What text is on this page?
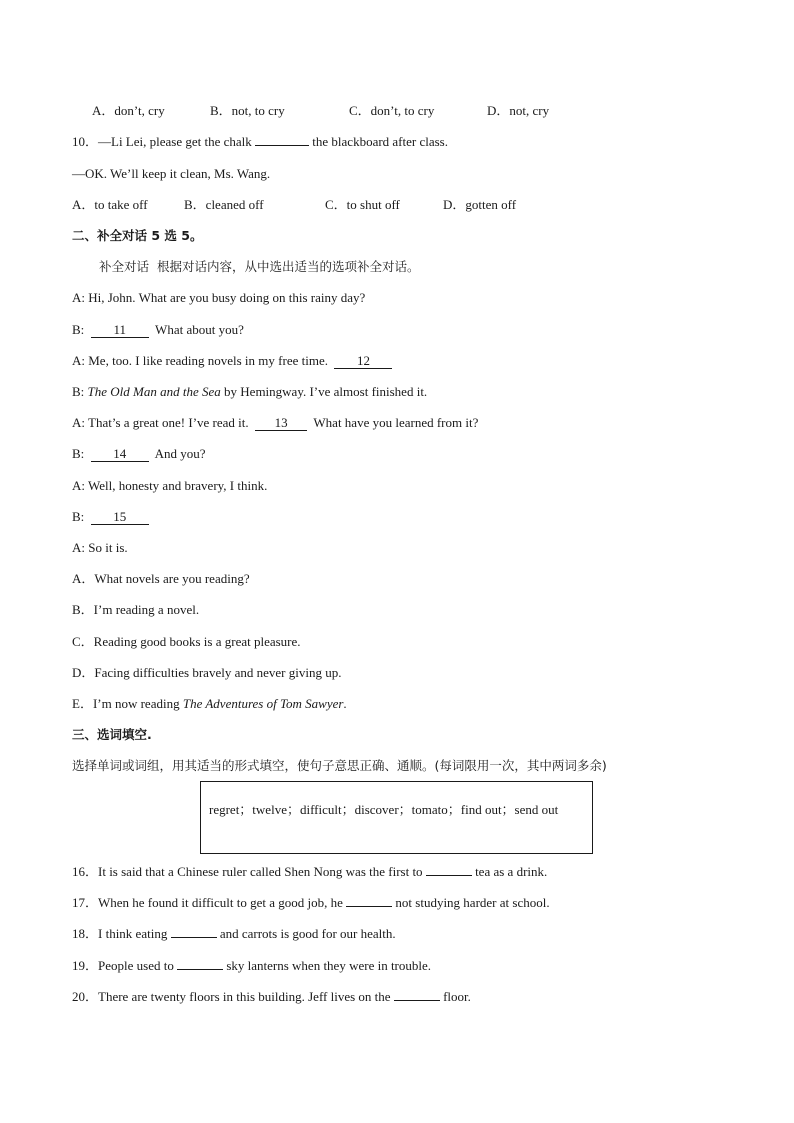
A．don’t, cry	B．not, to cry	C．don’t, to cry	D．not, cry
10．—Li Lei, please get the chalk	the blackboard after class.
—OK. We’ll keep it clean, Ms. Wang.
A．to take off	B．cleaned off	C．to shut off	D．gotten off
二、补全对话 5 选 5。
补全对话  根据对话内容，从中选出适当的选项补全对话。
A: Hi, John. What are you busy doing on this rainy day?
B:  11  What about you?
A: Me, too. I like reading novels in my free time.  12
B: The Old Man and the Sea by Hemingway. I’ve almost finished it.
A: That’s a great one! I’ve read it.  13  What have you learned from it?
B:  14  And you?
A: Well, honesty and bravery, I think.
B:  15
A: So it is.
A．What novels are you reading?
B．I’m reading a novel.
C．Reading good books is a great pleasure.
D．Facing difficulties bravely and never giving up.
E．I’m now reading The Adventures of Tom Sawyer.
三、选词填空.
选择单词或词组，用其适当的形式填空，使句子意思正确、通顺。(每词限用一次，其中两词多余)
regret；twelve；difficult；discover；tomato；find out；send out
16．It is said that a Chinese ruler called Shen Nong was the first to	tea as a drink.
17．When he found it difficult to get a good job, he	not studying harder at school.
18．I think eating	and carrots is good for our health.
19．People used to	sky lanterns when they were in trouble.
20．There are twenty floors in this building. Jeff lives on the	floor.
